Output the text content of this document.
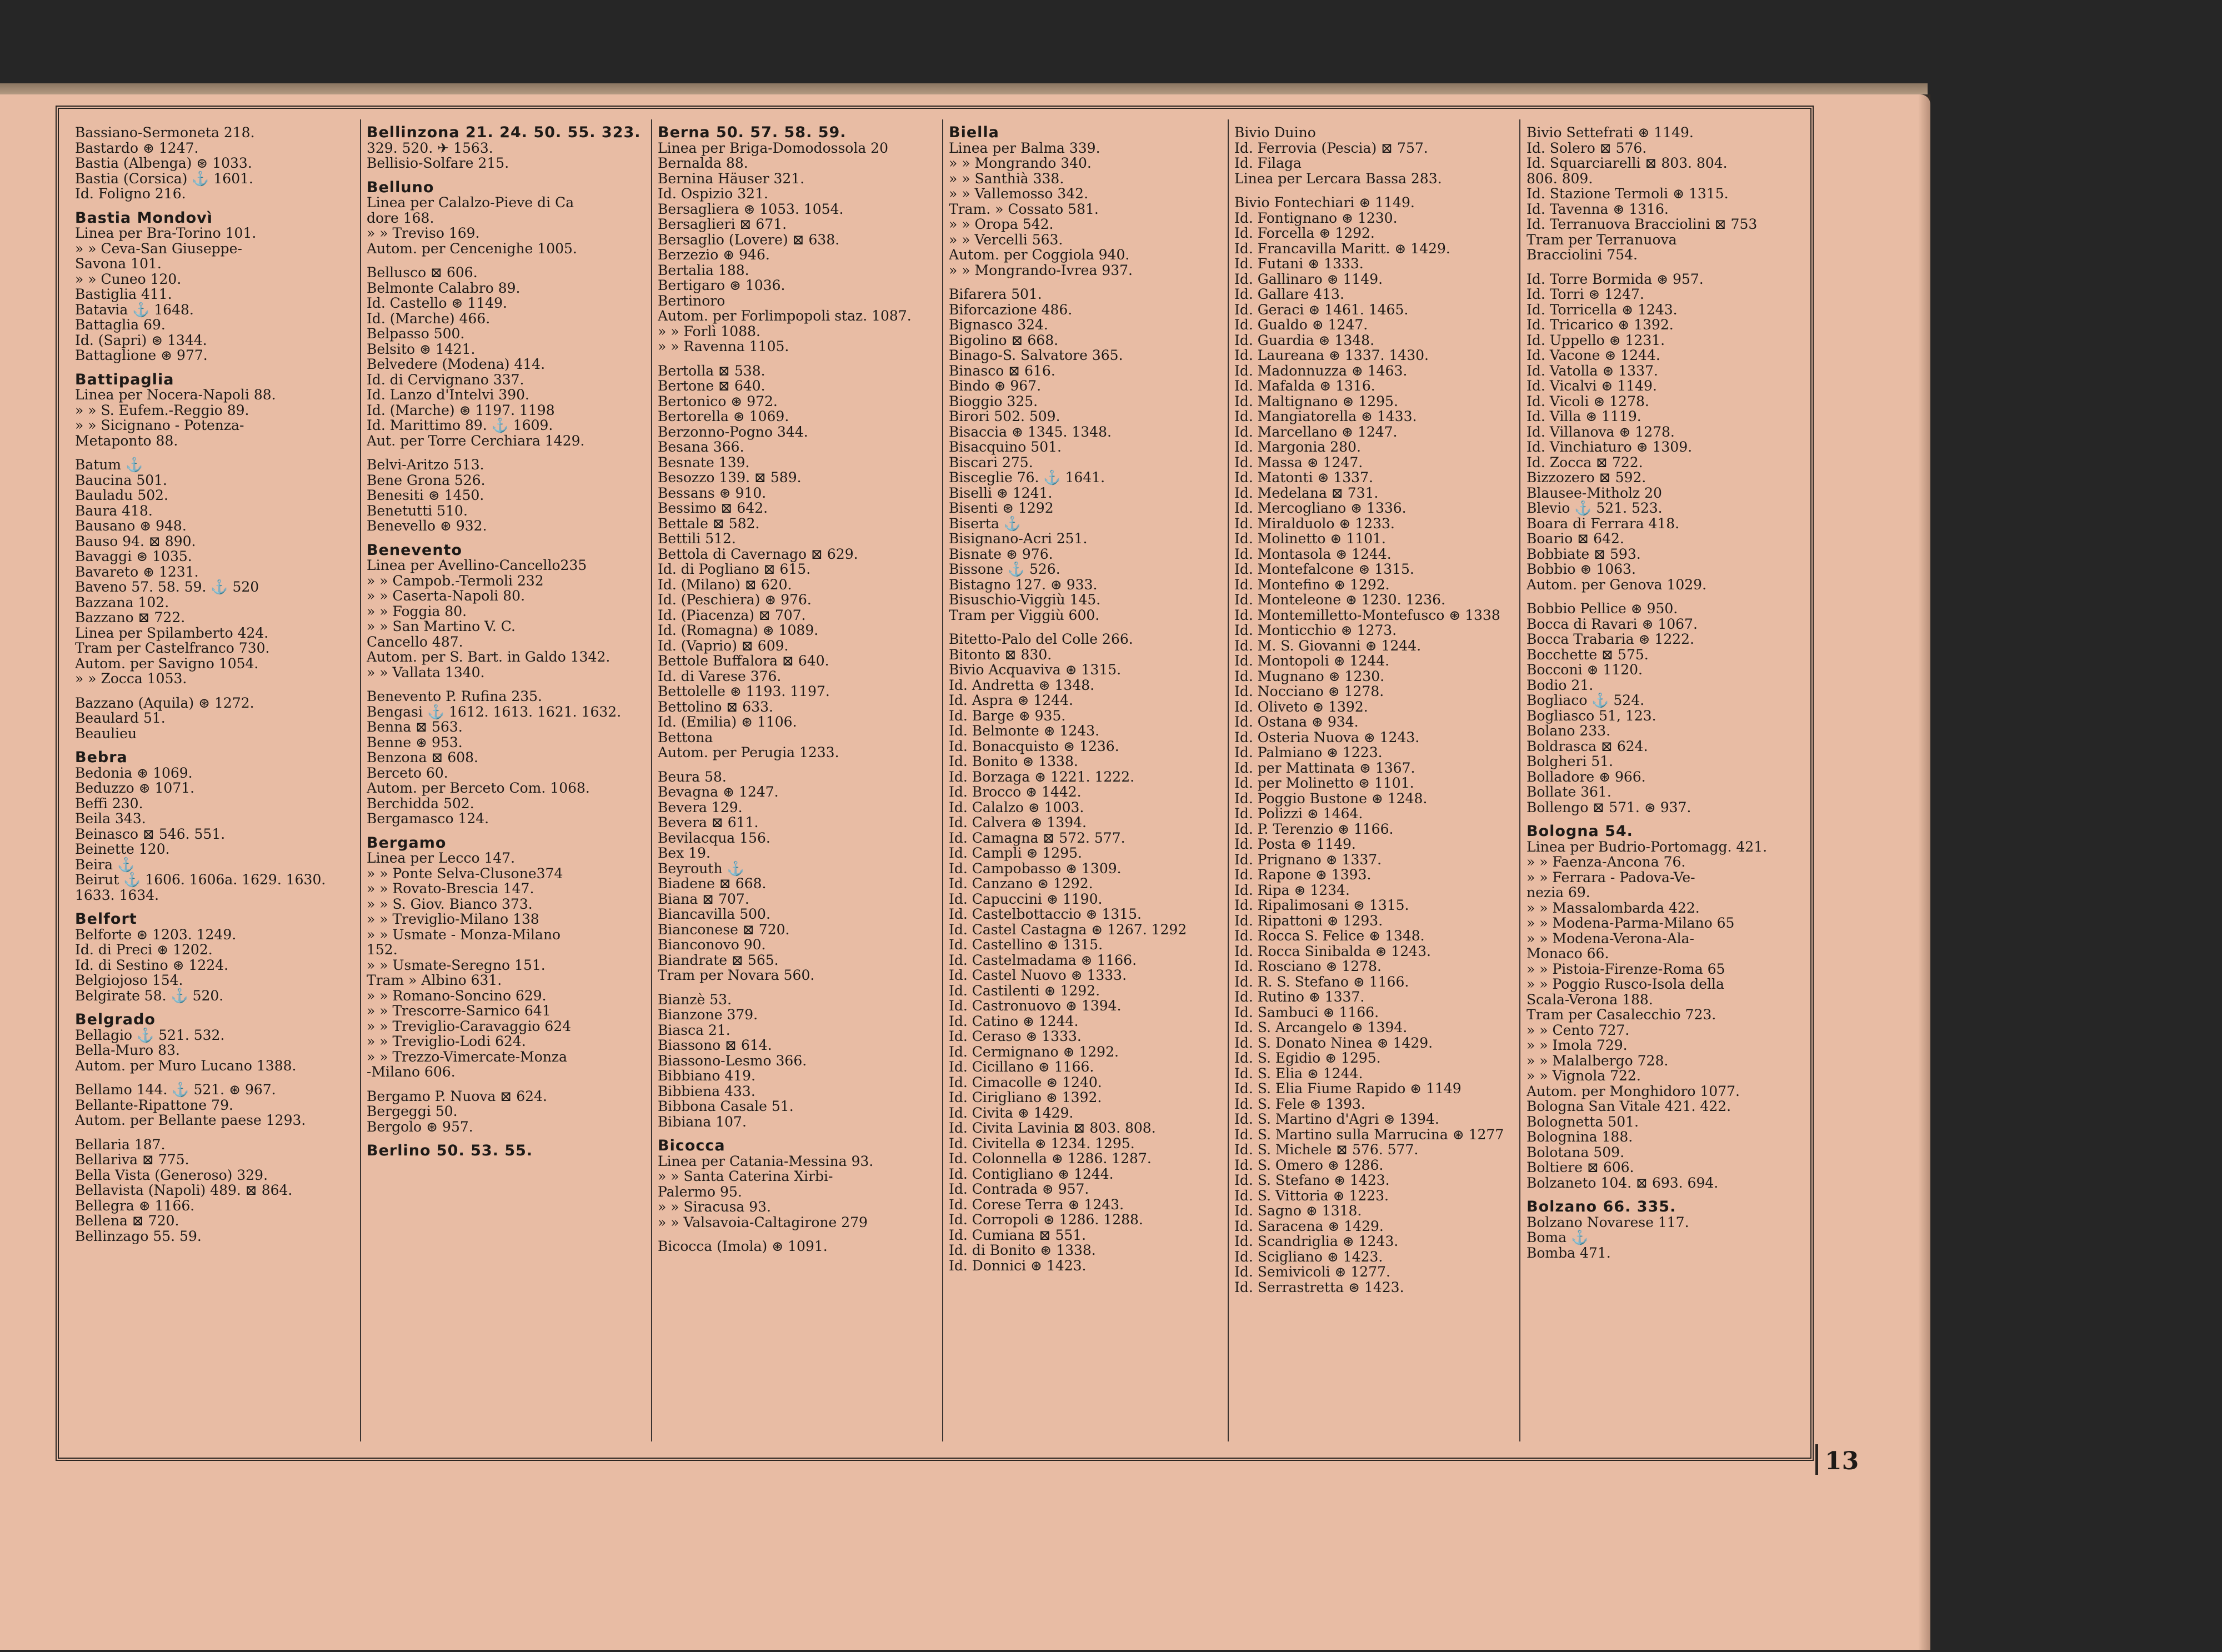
Bassiano-Sermoneta 218.
Bastardo ⊛ 1247.
Bastia (Albenga) ⊛ 1033.
Bastia (Corsica) ⚓ 1601.
Id. Foligno 216.
Bastia Mondovì
Linea per Bra-Torino 101.
» » Ceva-San Giuseppe-
Savona 101.
» » Cuneo 120.
Bastiglia 411.
Batavia ⚓ 1648.
Battaglia 69.
Id. (Sapri) ⊛ 1344.
Battaglione ⊛ 977.
Battipaglia
Linea per Nocera-Napoli 88.
» » S. Eufem.-Reggio 89.
» » Sicignano - Potenza-
Metaponto 88.
Batum ⚓
Baucina 501.
Bauladu 502.
Baura 418.
Bausano ⊛ 948.
Bauso 94. ⊠ 890.
Bavaggi ⊛ 1035.
Bavareto ⊛ 1231.
Baveno 57. 58. 59. ⚓ 520
Bazzana 102.
Bazzano ⊠ 722.
Linea per Spilamberto 424.
Tram per Castelfranco 730.
Autom. per Savigno 1054.
» » Zocca 1053.
Bazzano (Aquila) ⊛ 1272.
Beaulard 51.
Beaulieu
Bebra
Bedonia ⊛ 1069.
Beduzzo ⊛ 1071.
Beffi 230.
Beila 343.
Beinasco ⊠ 546. 551.
Beinette 120.
Beira ⚓
Beirut ⚓ 1606. 1606a. 1629. 1630.
1633. 1634.
Belfort
Belforte ⊛ 1203. 1249.
Id. di Preci ⊛ 1202.
Id. di Sestino ⊛ 1224.
Belgiojoso 154.
Belgirate 58. ⚓ 520.
Belgrado
Bellagio ⚓ 521. 532.
Bella-Muro 83.
Autom. per Muro Lucano 1388.
Bellamo 144. ⚓ 521. ⊛ 967.
Bellante-Ripattone 79.
Autom. per Bellante paese 1293.
Bellaria 187.
Bellariva ⊠ 775.
Bella Vista (Generoso) 329.
Bellavista (Napoli) 489. ⊠ 864.
Bellegra ⊛ 1166.
Bellena ⊠ 720.
Bellinzago 55. 59.
Bellinzona 21. 24. 50. 55. 323.
329. 520. ✈ 1563.
Bellisio-Solfare 215.
Belluno
Linea per Calalzo-Pieve di Ca
dore 168.
» » Treviso 169.
Autom. per Cencenighe 1005.
Bellusco ⊠ 606.
Belmonte Calabro 89.
Id. Castello ⊛ 1149.
Id. (Marche) 466.
Belpasso 500.
Belsito ⊛ 1421.
Belvedere (Modena) 414.
Id. di Cervignano 337.
Id. Lanzo d'Intelvi 390.
Id. (Marche) ⊛ 1197. 1198
Id. Marittimo 89. ⚓ 1609.
Aut. per Torre Cerchiara 1429.
Belvi-Aritzo 513.
Bene Grona 526.
Benesiti ⊛ 1450.
Benetutti 510.
Benevello ⊛ 932.
Benevento
Linea per Avellino-Cancello235
» » Campob.-Termoli 232
» » Caserta-Napoli 80.
» » Foggia 80.
» » San Martino V. C.
Cancello 487.
Autom. per S. Bart. in Galdo 1342.
» » Vallata 1340.
Benevento P. Rufina 235.
Bengasi ⚓ 1612. 1613. 1621. 1632.
Benna ⊠ 563.
Benne ⊛ 953.
Benzona ⊠ 608.
Berceto 60.
Autom. per Berceto Com. 1068.
Berchidda 502.
Bergamasco 124.
Bergamo
Linea per Lecco 147.
» » Ponte Selva-Clusone374
» » Rovato-Brescia 147.
» » S. Giov. Bianco 373.
» » Treviglio-Milano 138
» » Usmate - Monza-Milano
152.
» » Usmate-Seregno 151.
Tram » Albino 631.
» » Romano-Soncino 629.
» » Trescorre-Sarnico 641
» » Treviglio-Caravaggio 624
» » Treviglio-Lodi 624.
» » Trezzo-Vimercate-Monza
-Milano 606.
Bergamo P. Nuova ⊠ 624.
Bergeggi 50.
Bergolo ⊛ 957.
Berlino 50. 53. 55.
Berna 50. 57. 58. 59.
Linea per Briga-Domodossola 20
Bernalda 88.
Bernina Häuser 321.
Id. Ospizio 321.
Bersagliera ⊛ 1053. 1054.
Bersaglieri ⊠ 671.
Bersaglio (Lovere) ⊠ 638.
Berzezio ⊛ 946.
Bertalia 188.
Bertigaro ⊛ 1036.
Bertinoro
Autom. per Forlimpopoli staz. 1087.
» » Forlì 1088.
» » Ravenna 1105.
Bertolla ⊠ 538.
Bertone ⊠ 640.
Bertonico ⊛ 972.
Bertorella ⊛ 1069.
Berzonno-Pogno 344.
Besana 366.
Besnate 139.
Besozzo 139. ⊠ 589.
Bessans ⊛ 910.
Bessimo ⊠ 642.
Bettale ⊠ 582.
Bettili 512.
Bettola di Cavernago ⊠ 629.
Id. di Pogliano ⊠ 615.
Id. (Milano) ⊠ 620.
Id. (Peschiera) ⊛ 976.
Id. (Piacenza) ⊠ 707.
Id. (Romagna) ⊛ 1089.
Id. (Vaprio) ⊠ 609.
Bettole Buffalora ⊠ 640.
Id. di Varese 376.
Bettolelle ⊛ 1193. 1197.
Bettolino ⊠ 633.
Id. (Emilia) ⊛ 1106.
Bettona
Autom. per Perugia 1233.
Beura 58.
Bevagna ⊛ 1247.
Bevera 129.
Bevera ⊠ 611.
Bevilacqua 156.
Bex 19.
Beyrouth ⚓
Biadene ⊠ 668.
Biana ⊠ 707.
Biancavilla 500.
Bianconese ⊠ 720.
Bianconovo 90.
Biandrate ⊠ 565.
Tram per Novara 560.
Bianzè 53.
Bianzone 379.
Biasca 21.
Biassono ⊠ 614.
Biassono-Lesmo 366.
Bibbiano 419.
Bibbiena 433.
Bibbona Casale 51.
Bibiana 107.
Bicocca
Linea per Catania-Messina 93.
» » Santa Caterina Xirbi-
Palermo 95.
» » Siracusa 93.
» » Valsavoia-Caltagirone 279
Bicocca (Imola) ⊛ 1091.
Biella
Linea per Balma 339.
» » Mongrando 340.
» » Santhià 338.
» » Vallemosso 342.
Tram. » Cossato 581.
» » Oropa 542.
» » Vercelli 563.
Autom. per Coggiola 940.
» » Mongrando-Ivrea 937.
Bifarera 501.
Biforcazione 486.
Bignasco 324.
Bigolino ⊠ 668.
Binago-S. Salvatore 365.
Binasco ⊠ 616.
Bindo ⊛ 967.
Bioggio 325.
Birori 502. 509.
Bisaccia ⊛ 1345. 1348.
Bisacquino 501.
Biscari 275.
Bisceglie 76. ⚓ 1641.
Biselli ⊛ 1241.
Bisenti ⊛ 1292
Biserta ⚓
Bisignano-Acri 251.
Bisnate ⊛ 976.
Bissone ⚓ 526.
Bistagno 127. ⊛ 933.
Bisuschio-Viggiù 145.
Tram per Viggiù 600.
Bitetto-Palo del Colle 266.
Bitonto ⊠ 830.
Bivio Acquaviva ⊛ 1315.
Id. Andretta ⊛ 1348.
Id. Aspra ⊛ 1244.
Id. Barge ⊛ 935.
Id. Belmonte ⊛ 1243.
Id. Bonacquisto ⊛ 1236.
Id. Bonito ⊛ 1338.
Id. Borzaga ⊛ 1221. 1222.
Id. Brocco ⊛ 1442.
Id. Calalzo ⊛ 1003.
Id. Calvera ⊛ 1394.
Id. Camagna ⊠ 572. 577.
Id. Campli ⊛ 1295.
Id. Campobasso ⊛ 1309.
Id. Canzano ⊛ 1292.
Id. Capuccini ⊛ 1190.
Id. Castelbottaccio ⊛ 1315.
Id. Castel Castagna ⊛ 1267. 1292
Id. Castellino ⊛ 1315.
Id. Castelmadama ⊛ 1166.
Id. Castel Nuovo ⊛ 1333.
Id. Castilenti ⊛ 1292.
Id. Castronuovo ⊛ 1394.
Id. Catino ⊛ 1244.
Id. Ceraso ⊛ 1333.
Id. Cermignano ⊛ 1292.
Id. Cicillano ⊛ 1166.
Id. Cimacolle ⊛ 1240.
Id. Cirigliano ⊛ 1392.
Id. Civita ⊛ 1429.
Id. Civita Lavinia ⊠ 803. 808.
Id. Civitella ⊛ 1234. 1295.
Id. Colonnella ⊛ 1286. 1287.
Id. Contigliano ⊛ 1244.
Id. Contrada ⊛ 957.
Id. Corese Terra ⊛ 1243.
Id. Corropoli ⊛ 1286. 1288.
Id. Cumiana ⊠ 551.
Id. di Bonito ⊛ 1338.
Id. Donnici ⊛ 1423.
Bivio Duino
Id. Ferrovia (Pescia) ⊠ 757.
Id. Filaga
Linea per Lercara Bassa 283.
Bivio Fontechiari ⊛ 1149.
Id. Fontignano ⊛ 1230.
Id. Forcella ⊛ 1292.
Id. Francavilla Maritt. ⊛ 1429.
Id. Futani ⊛ 1333.
Id. Gallinaro ⊛ 1149.
Id. Gallare 413.
Id. Geraci ⊛ 1461. 1465.
Id. Gualdo ⊛ 1247.
Id. Guardia ⊛ 1348.
Id. Laureana ⊛ 1337. 1430.
Id. Madonnuzza ⊛ 1463.
Id. Mafalda ⊛ 1316.
Id. Maltignano ⊛ 1295.
Id. Mangiatorella ⊛ 1433.
Id. Marcellano ⊛ 1247.
Id. Margonia 280.
Id. Massa ⊛ 1247.
Id. Matonti ⊛ 1337.
Id. Medelana ⊠ 731.
Id. Mercogliano ⊛ 1336.
Id. Miralduolo ⊛ 1233.
Id. Molinetto ⊛ 1101.
Id. Montasola ⊛ 1244.
Id. Montefalcone ⊛ 1315.
Id. Montefino ⊛ 1292.
Id. Monteleone ⊛ 1230. 1236.
Id. Montemilletto-Montefusco ⊛ 1338
Id. Monticchio ⊛ 1273.
Id. M. S. Giovanni ⊛ 1244.
Id. Montopoli ⊛ 1244.
Id. Mugnano ⊛ 1230.
Id. Nocciano ⊛ 1278.
Id. Oliveto ⊛ 1392.
Id. Ostana ⊛ 934.
Id. Osteria Nuova ⊛ 1243.
Id. Palmiano ⊛ 1223.
Id. per Mattinata ⊛ 1367.
Id. per Molinetto ⊛ 1101.
Id. Poggio Bustone ⊛ 1248.
Id. Polizzi ⊛ 1464.
Id. P. Terenzio ⊛ 1166.
Id. Posta ⊛ 1149.
Id. Prignano ⊛ 1337.
Id. Rapone ⊛ 1393.
Id. Ripa ⊛ 1234.
Id. Ripalimosani ⊛ 1315.
Id. Ripattoni ⊛ 1293.
Id. Rocca S. Felice ⊛ 1348.
Id. Rocca Sinibalda ⊛ 1243.
Id. Rosciano ⊛ 1278.
Id. R. S. Stefano ⊛ 1166.
Id. Rutino ⊛ 1337.
Id. Sambuci ⊛ 1166.
Id. S. Arcangelo ⊛ 1394.
Id. S. Donato Ninea ⊛ 1429.
Id. S. Egidio ⊛ 1295.
Id. S. Elia ⊛ 1244.
Id. S. Elia Fiume Rapido ⊛ 1149
Id. S. Fele ⊛ 1393.
Id. S. Martino d'Agri ⊛ 1394.
Id. S. Martino sulla Marrucina ⊛ 1277
Id. S. Michele ⊠ 576. 577.
Id. S. Omero ⊛ 1286.
Id. S. Stefano ⊛ 1423.
Id. S. Vittoria ⊛ 1223.
Id. Sagno ⊛ 1318.
Id. Saracena ⊛ 1429.
Id. Scandriglia ⊛ 1243.
Id. Scigliano ⊛ 1423.
Id. Semivicoli ⊛ 1277.
Id. Serrastretta ⊛ 1423.
Bivio Settefrati ⊛ 1149.
Id. Solero ⊠ 576.
Id. Squarciarelli ⊠ 803. 804.
806. 809.
Id. Stazione Termoli ⊛ 1315.
Id. Tavenna ⊛ 1316.
Id. Terranuova Bracciolini ⊠ 753
Tram per Terranuova
Bracciolini 754.
Id. Torre Bormida ⊛ 957.
Id. Torri ⊛ 1247.
Id. Torricella ⊛ 1243.
Id. Tricarico ⊛ 1392.
Id. Uppello ⊛ 1231.
Id. Vacone ⊛ 1244.
Id. Vatolla ⊛ 1337.
Id. Vicalvi ⊛ 1149.
Id. Vicoli ⊛ 1278.
Id. Villa ⊛ 1119.
Id. Villanova ⊛ 1278.
Id. Vinchiaturo ⊛ 1309.
Id. Zocca ⊠ 722.
Bizzozero ⊠ 592.
Blausee-Mitholz 20
Blevio ⚓ 521. 523.
Boara di Ferrara 418.
Boario ⊠ 642.
Bobbiate ⊠ 593.
Bobbio ⊛ 1063.
Autom. per Genova 1029.
Bobbio Pellice ⊛ 950.
Bocca di Ravari ⊛ 1067.
Bocca Trabaria ⊛ 1222.
Bocchette ⊠ 575.
Bocconi ⊛ 1120.
Bodio 21.
Bogliaco ⚓ 524.
Bogliasco 51, 123.
Bolano 233.
Boldrasca ⊠ 624.
Bolgheri 51.
Bolladore ⊛ 966.
Bollate 361.
Bollengo ⊠ 571. ⊛ 937.
Bologna 54.
Linea per Budrio-Portomagg. 421.
» » Faenza-Ancona 76.
» » Ferrara - Padova-Ve-
nezia 69.
» » Massalombarda 422.
» » Modena-Parma-Milano 65
» » Modena-Verona-Ala-
Monaco 66.
» » Pistoia-Firenze-Roma 65
» » Poggio Rusco-Isola della
Scala-Verona 188.
Tram per Casalecchio 723.
» » Cento 727.
» » Imola 729.
» » Malalbergo 728.
» » Vignola 722.
Autom. per Monghidoro 1077.
Bologna San Vitale 421. 422.
Bolognetta 501.
Bolognina 188.
Bolotana 509.
Boltiere ⊠ 606.
Bolzaneto 104. ⊠ 693. 694.
Bolzano 66. 335.
Bolzano Novarese 117.
Boma ⚓
Bomba 471.
13
